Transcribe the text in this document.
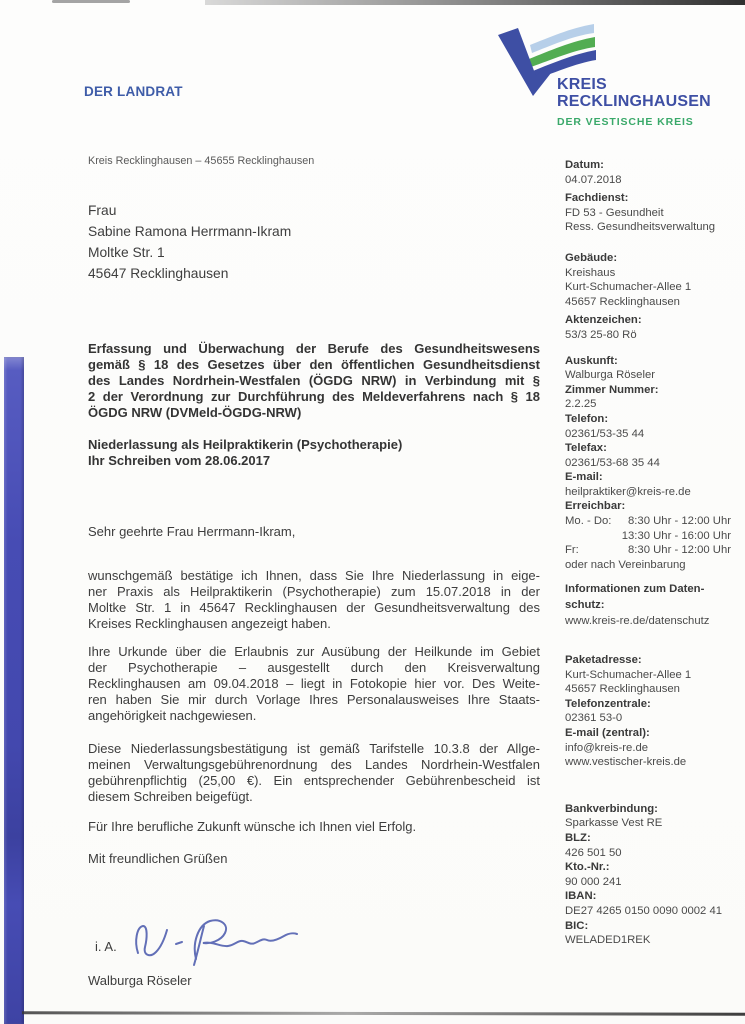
DER LANDRAT	KREIS
RECKLINGHAUSEN
DER VESTISCHE KREIS
Kreis Recklinghausen – 45655 Recklinghausen
Frau
Sabine Ramona Herrmann-Ikram
Moltke Str. 1
45647 Recklinghausen
Erfassung und Überwachung der Berufe des Gesundheitswesens
gemäß § 18 des Gesetzes über den öffentlichen Gesundheitsdienst
des Landes Nordrhein-Westfalen (ÖGDG NRW) in Verbindung mit §
2 der Verordnung zur Durchführung des Meldeverfahrens nach § 18
ÖGDG NRW (DVMeld-ÖGDG-NRW)
Niederlassung als Heilpraktikerin (Psychotherapie)
Ihr Schreiben vom 28.06.2017
Sehr geehrte Frau Herrmann-Ikram,
wunschgemäß bestätige ich Ihnen, dass Sie Ihre Niederlassung in eige-
ner Praxis als Heilpraktikerin (Psychotherapie) zum 15.07.2018 in der
Moltke Str. 1 in 45647 Recklinghausen der Gesundheitsverwaltung des
Kreises Recklinghausen angezeigt haben.
Ihre Urkunde über die Erlaubnis zur Ausübung der Heilkunde im Gebiet
der Psychotherapie – ausgestellt durch den Kreisverwaltung
Recklinghausen am 09.04.2018 – liegt in Fotokopie hier vor. Des Weite-
ren haben Sie mir durch Vorlage Ihres Personalausweises Ihre Staats-
angehörigkeit nachgewiesen.
Diese Niederlassungsbestätigung ist gemäß Tarifstelle 10.3.8 der Allge-
meinen Verwaltungsgebührenordnung des Landes Nordrhein-Westfalen
gebührenpflichtig (25,00 €). Ein entsprechender Gebührenbescheid ist
diesem Schreiben beigefügt.
Für Ihre berufliche Zukunft wünsche ich Ihnen viel Erfolg.
Mit freundlichen Grüßen
i. A.
Walburga Röseler
Datum:
04.07.2018
Fachdienst:
FD 53 - Gesundheit
Ress. Gesundheitsverwaltung
Gebäude:
Kreishaus
Kurt-Schumacher-Allee 1
45657 Recklinghausen
Aktenzeichen:
53/3 25-80 Rö
Auskunft:
Walburga Röseler
Zimmer Nummer:
2.2.25
Telefon:
02361/53-35 44
Telefax:
02361/53-68 35 44
E-mail:
heilpraktiker@kreis-re.de
Erreichbar:
Mo. - Do:	8:30 Uhr - 12:00 Uhr
13:30 Uhr - 16:00 Uhr
Fr:	8:30 Uhr - 12:00 Uhr
oder nach Vereinbarung
Informationen zum Daten-
schutz:
www.kreis-re.de/datenschutz
Paketadresse:
Kurt-Schumacher-Allee 1
45657 Recklinghausen
Telefonzentrale:
02361 53-0
E-mail (zentral):
info@kreis-re.de
www.vestischer-kreis.de
Bankverbindung:
Sparkasse Vest RE
BLZ:
426 501 50
Kto.-Nr.:
90 000 241
IBAN:
DE27 4265 0150 0090 0002 41
BIC:
WELADED1REK
